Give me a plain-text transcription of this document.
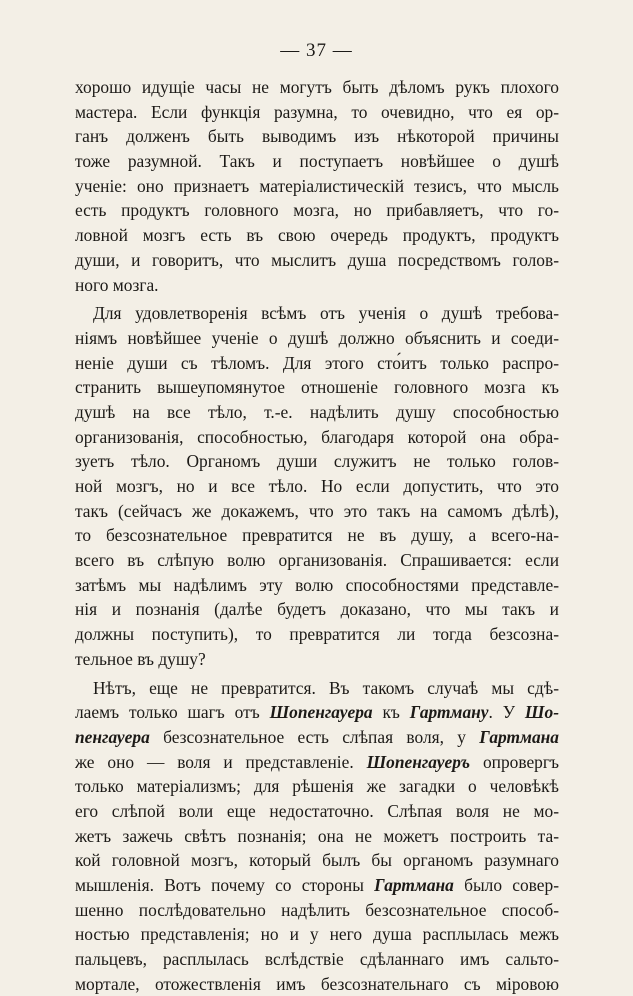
— 37 —
хорошо идущіе часы не могутъ быть дѣломъ рукъ плохого
мастера. Если функція разумна, то очевидно, что ея ор-
ганъ долженъ быть выводимъ изъ нѣкоторой причины
тоже разумной. Такъ и поступаетъ новѣйшее о душѣ
ученіе: оно признаетъ матеріалистическій тезисъ, что мысль
есть продуктъ головного мозга, но прибавляетъ, что го-
ловной мозгъ есть въ свою очередь продуктъ, продуктъ
души, и говоритъ, что мыслитъ душа посредствомъ голов-
ного мозга.
Для удовлетворенія всѣмъ отъ ученія о душѣ требова-
ніямъ новѣйшее ученіе о душѣ должно объяснить и соеди-
неніе души съ тѣломъ. Для этого сто́итъ только распро-
странить вышеупомянутое отношеніе головного мозга къ
душѣ на все тѣло, т.-е. надѣлить душу способностью
организованія, способностью, благодаря которой она обра-
зуетъ тѣло. Органомъ души служитъ не только голов-
ной мозгъ, но и все тѣло. Но если допустить, что это
такъ (сейчасъ же докажемъ, что это такъ на самомъ дѣлѣ),
то безсознательное превратится не въ душу, а всего-на-
всего въ слѣпую волю организованія. Спрашивается: если
затѣмъ мы надѣлимъ эту волю способностями представле-
нія и познанія (далѣе будетъ доказано, что мы такъ и
должны поступить), то превратится ли тогда безсозна-
тельное въ душу?
Нѣтъ, еще не превратится. Въ такомъ случаѣ мы сдѣ-
лаемъ только шагъ отъ Шопенгауера къ Гартману. У Шо-
пенгауера безсознательное есть слѣпая воля, у Гартмана
же оно — воля и представленіе. Шопенгауеръ опровергъ
только матеріализмъ; для рѣшенія же загадки о человѣкѣ
его слѣпой воли еще недостаточно. Слѣпая воля не мо-
жетъ зажечь свѣтъ познанія; она не можетъ построить та-
кой головной мозгъ, который былъ бы органомъ разумнаго
мышленія. Вотъ почему со стороны Гартмана было совер-
шенно послѣдовательно надѣлить безсознательное способ-
ностью представленія; но и у него душа расплылась межъ
пальцевъ, расплылась вслѣдствіе сдѣланнаго имъ сальто-
мортале, отожествленія имъ безсознательнаго съ міровою
